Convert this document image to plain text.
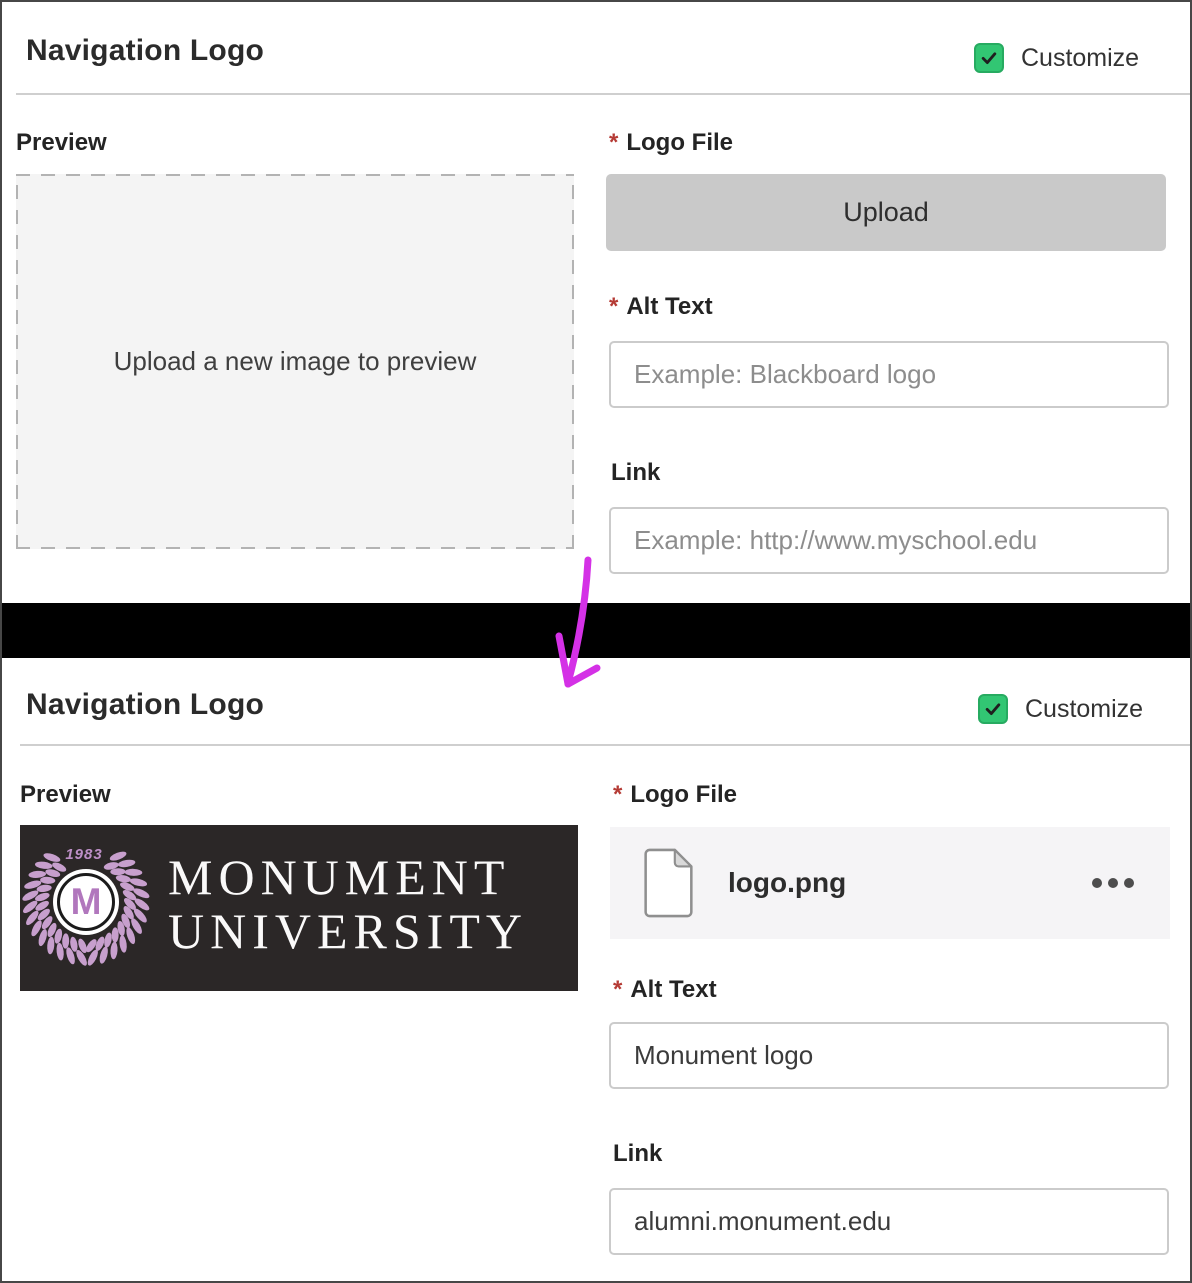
Navigation Logo	Customize
Preview
Upload a new image to preview
* Logo File
Upload
* Alt Text
Example: Blackboard logo
Link
Example: http://www.myschool.edu
Navigation Logo	Customize
Preview
1983
M MONUMENT
UNIVERSITY
* Logo File
logo.png
* Alt Text
Monument logo
Link
alumni.monument.edu
